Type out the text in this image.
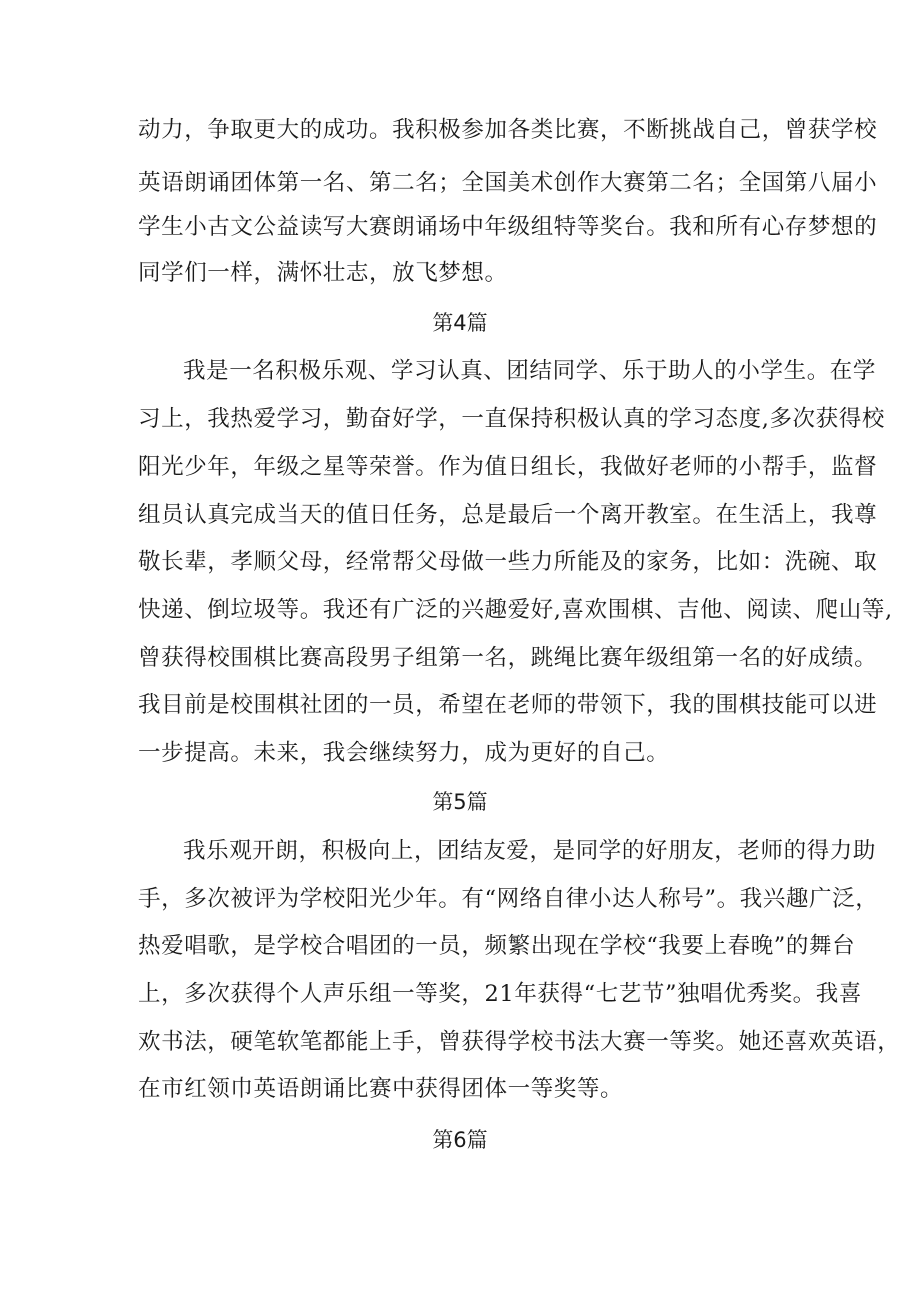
动力，争取更大的成功。我积极参加各类比赛，不断挑战自己，曾获学校
英语朗诵团体第一名、第二名；全国美术创作大赛第二名；全国第八届小
学生小古文公益读写大赛朗诵场中年级组特等奖台。我和所有心存梦想的
同学们一样，满怀壮志，放飞梦想。
第4篇
我是一名积极乐观、学习认真、团结同学、乐于助人的小学生。在学
习上，我热爱学习，勤奋好学，一直保持积极认真的学习态度,多次获得校
阳光少年，年级之星等荣誉。作为值日组长，我做好老师的小帮手，监督
组员认真完成当天的值日任务，总是最后一个离开教室。在生活上，我尊
敬长辈，孝顺父母，经常帮父母做一些力所能及的家务，比如：洗碗、取
快递、倒垃圾等。我还有广泛的兴趣爱好,喜欢围棋、吉他、阅读、爬山等,
曾获得校围棋比赛高段男子组第一名，跳绳比赛年级组第一名的好成绩。
我目前是校围棋社团的一员，希望在老师的带领下，我的围棋技能可以进
一步提高。未来，我会继续努力，成为更好的自己。
第5篇
我乐观开朗，积极向上，团结友爱，是同学的好朋友，老师的得力助
手，多次被评为学校阳光少年。有“网络自律小达人称号”。我兴趣广泛，
热爱唱歌，是学校合唱团的一员，频繁出现在学校“我要上春晚”的舞台
上，多次获得个人声乐组一等奖，21年获得“七艺节”独唱优秀奖。我喜
欢书法，硬笔软笔都能上手，曾获得学校书法大赛一等奖。她还喜欢英语，
在市红领巾英语朗诵比赛中获得团体一等奖等。
第6篇
